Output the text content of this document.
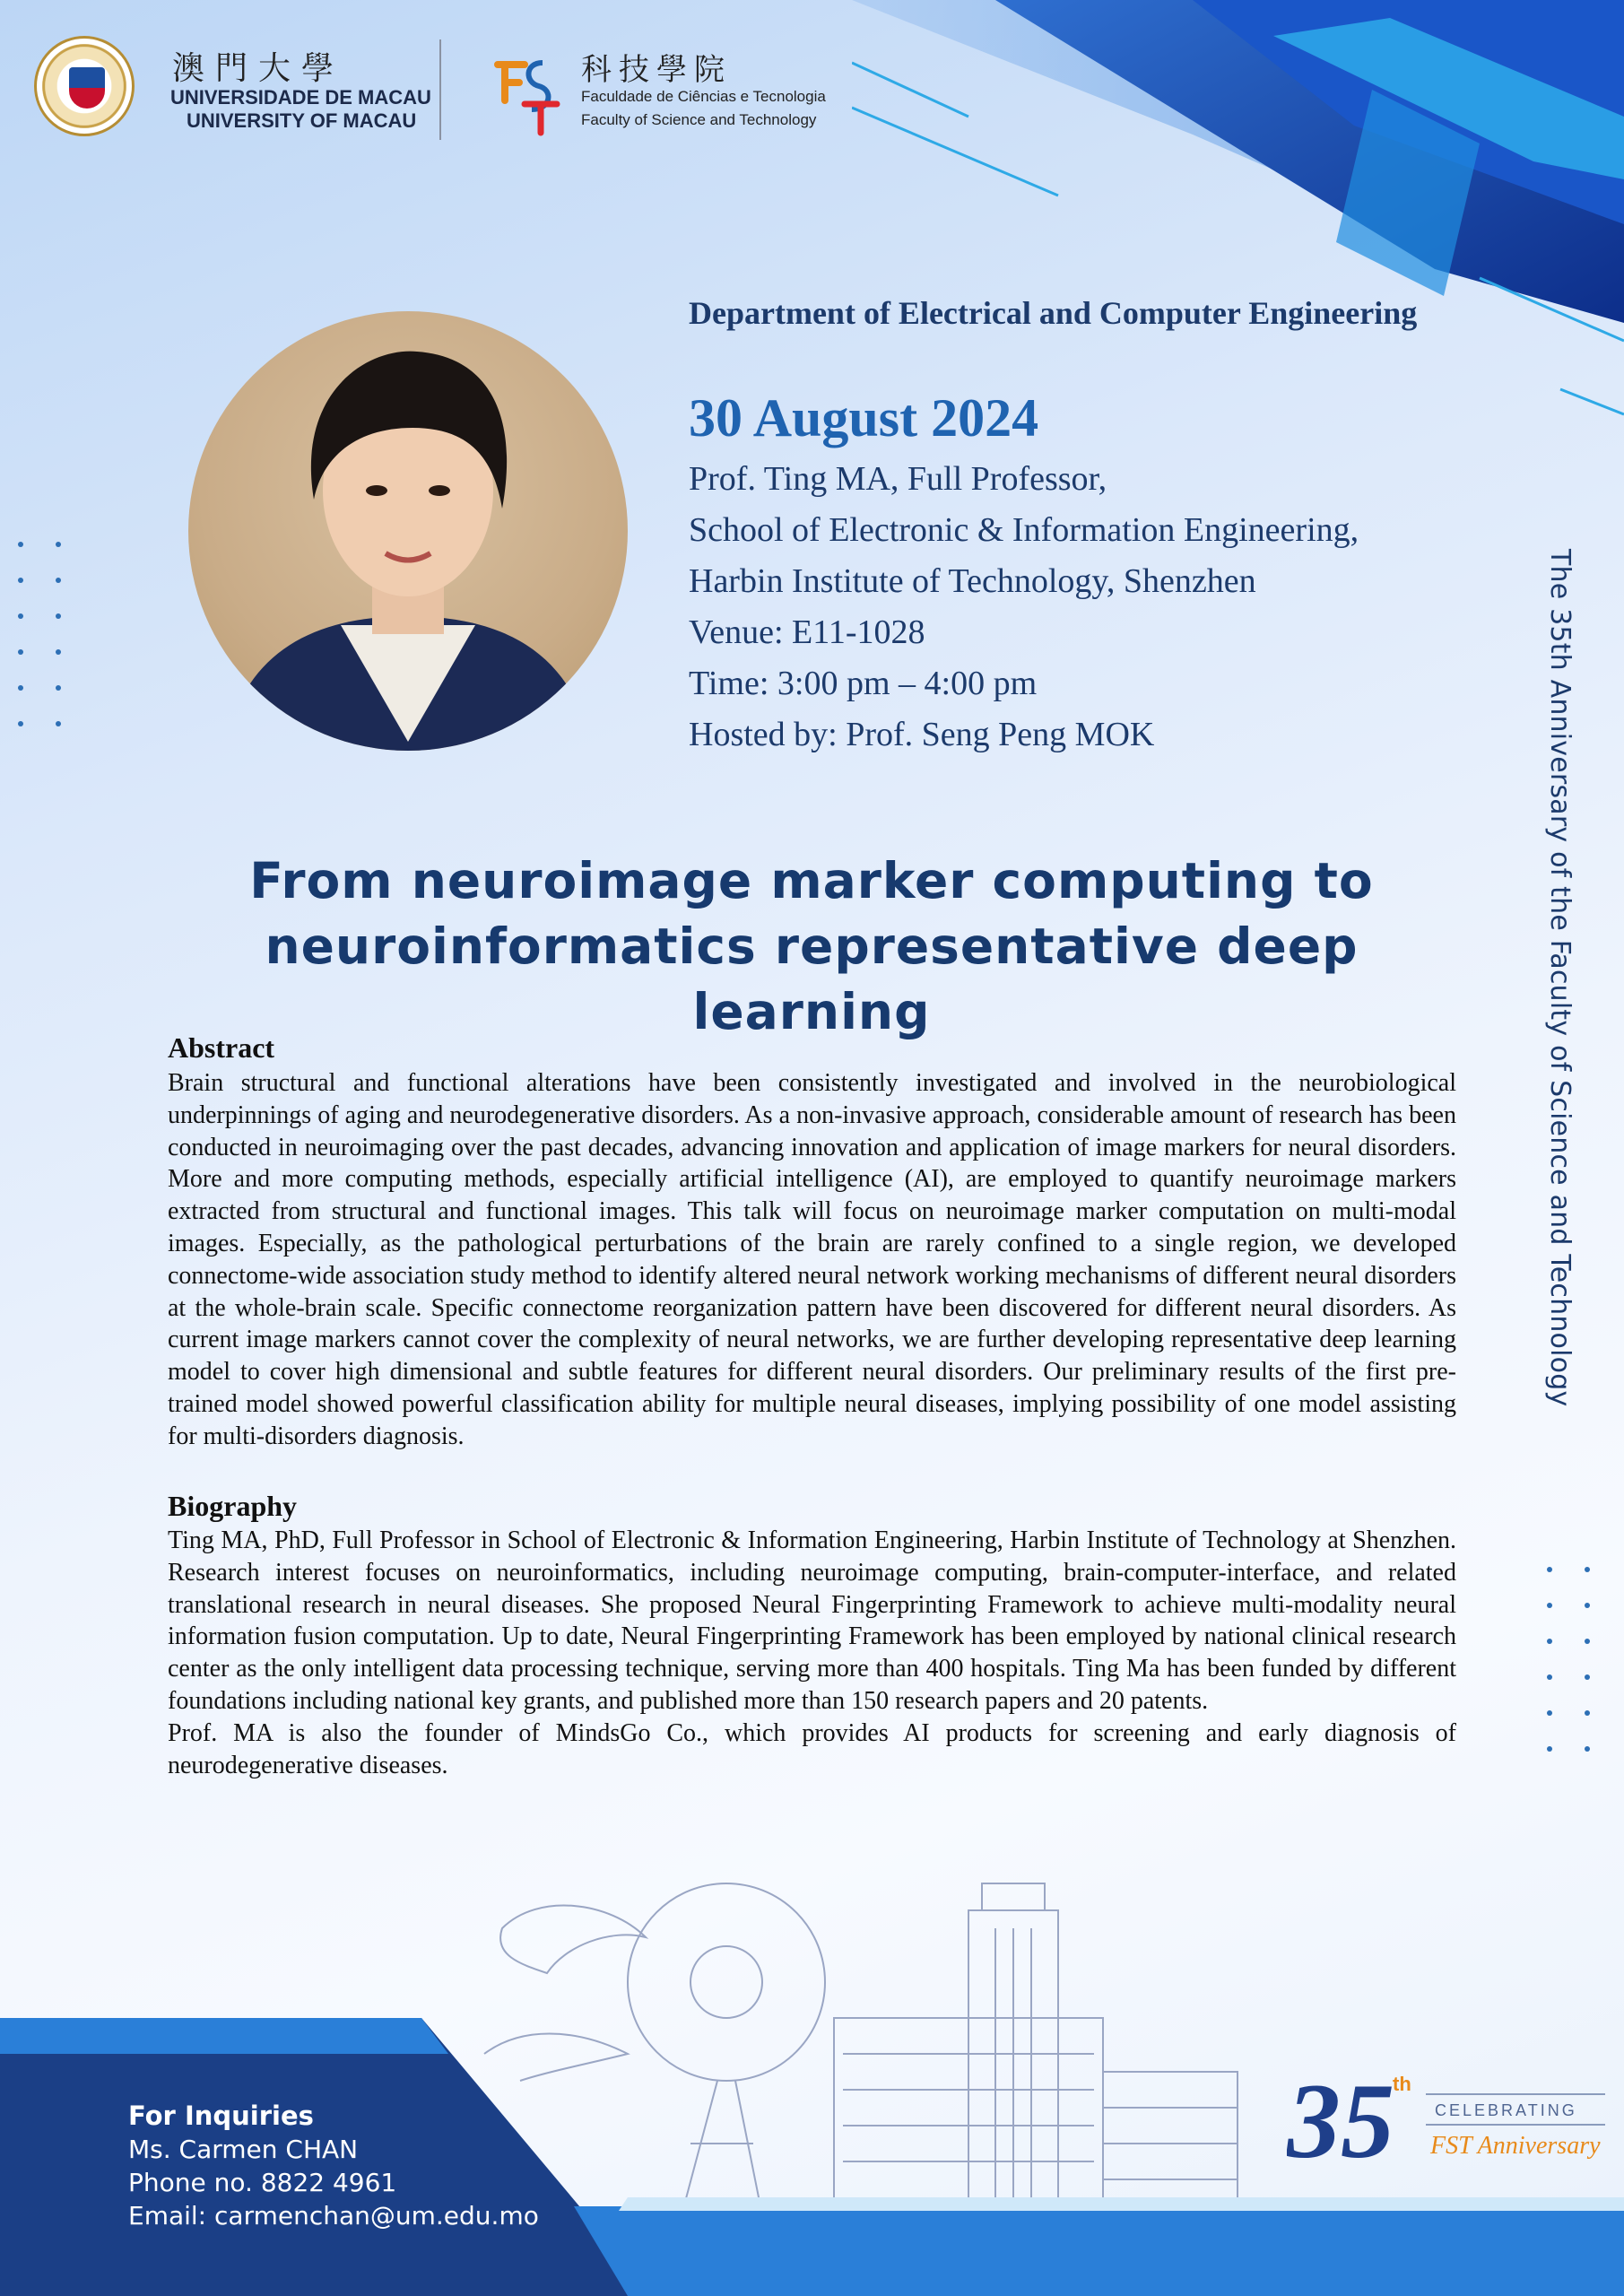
澳門大學
UNIVERSIDADE DE MACAU
UNIVERSITY OF MACAU
科技學院
Faculdade de Ciências e Tecnologia
Faculty of Science and Technology
Department of Electrical and Computer Engineering
30 August 2024
Prof. Ting MA, Full Professor,
School of Electronic & Information Engineering,
Harbin Institute of Technology, Shenzhen
Venue: E11-1028
Time: 3:00 pm – 4:00 pm
Hosted by: Prof. Seng Peng MOK	The 35th Anniversary of the Faculty of Science and Technology
From neuroimage marker computing to
neuroinformatics representative deep learning
Abstract

Brain structural and functional alterations have been consistently investigated and involved in the neurobiological underpinnings of aging and neurodegenerative disorders. As a non-invasive approach, considerable amount of research has been conducted in neuroimaging over the past decades, advancing innovation and application of image markers for neural disorders. More and more computing methods, especially artificial intelligence (AI), are employed to quantify neuroimage markers extracted from structural and functional images. This talk will focus on neuroimage marker computation on multi-modal images. Especially, as the pathological perturbations of the brain are rarely confined to a single region, we developed connectome-wide association study method to identify altered neural network working mechanisms of different neural disorders at the whole-brain scale. Specific connectome reorganization pattern have been discovered for different neural disorders. As current image markers cannot cover the complexity of neural networks, we are further developing representative deep learning model to cover high dimensional and subtle features for different neural disorders. Our preliminary results of the first pre-trained model showed powerful classification ability for multiple neural diseases, implying possibility of one model assisting for multi-disorders diagnosis.

Biography

Ting MA, PhD, Full Professor in School of Electronic & Information Engineering, Harbin Institute of Technology at Shenzhen. Research interest focuses on neuroinformatics, including neuroimage computing, brain-computer-interface, and related translational research in neural diseases. She proposed Neural Fingerprinting Framework to achieve multi-modality neural information fusion computation. Up to date, Neural Fingerprinting Framework has been employed by national clinical research center as the only intelligent data processing technique, serving more than 400 hospitals. Ting Ma has been funded by different foundations including national key grants, and published more than 150 research papers and 20 patents.

Prof. MA is also the founder of MindsGo Co., which provides AI products for screening and early diagnosis of neurodegenerative diseases.

For Inquiries
Ms. Carmen CHAN
Phone no. 8822 4961
Email: carmenchan@um.edu.mo
35
th
CELEBRATING
FST Anniversary
